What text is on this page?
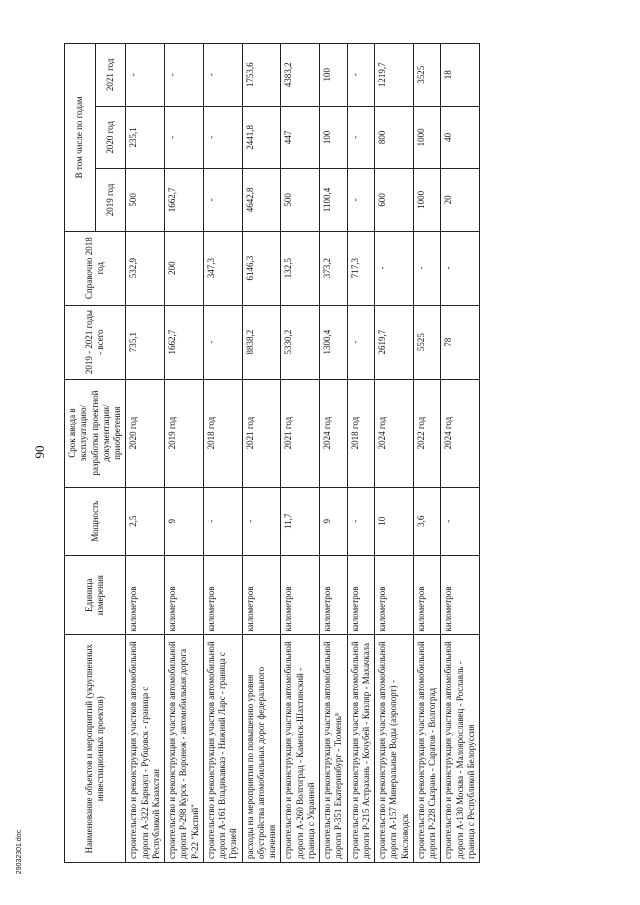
90
Наименование объектов и мероприятий (укрупненных инвестиционных проектов)	Единица измерения	Мощность	Срок ввода в эксплуатацию/ разработки проектной документации/ приобретения	2019 - 2021 годы - всего	Справочно 2018 год	В том числе по годам		
						2019 год	2020 год	2021 год
строительство и реконструкция участков автомобильной дороги А-322 Барнаул - Рубцовск - граница с Республикой Казахстан	километров	2,5	2020 год	735,1	532,9	500	235,1	-
строительство и реконструкция участков автомобильной дороги Р-298 Курск - Воронеж - автомобильная дорога Р-22 "Каспий"	километров	9	2019 год	1662,7	200	1662,7	-	-
строительство и реконструкция участков автомобильной дороги А-161 Владикавказ - Нижний Ларс - граница с Грузией	километров	-	2018 год	-	347,3	-	-	-
расходы на мероприятия по повышению уровня обустройства автомобильных дорог федерального значения	километров	-	2021 год	8838,2	6146,3	4642,8	2441,8	1753,6
строительство и реконструкция участков автомобильной дороги А-260 Волгоград - Каменск-Шахтинский - граница с Украиной	километров	11,7	2021 год	5330,2	132,5	500	447	4383,2
строительство и реконструкция участков автомобильной дороги Р-351 Екатеринбург - Тюмень⁸	километров	9	2024 год	1300,4	373,2	1100,4	100	100
строительство и реконструкция участков автомобильной дороги Р-215 Астрахань - Кочубей - Кизляр - Махачкала	километров	-	2018 год	-	717,3	-	-	-
строительство и реконструкция участков автомобильной дороги А-157 Минеральные Воды (аэропорт) - Кисловодск	километров	10	2024 год	2619,7	-	600	800	1219,7
строительство и реконструкция участков автомобильной дороги Р-228 Сызрань - Саратов - Волгоград	километров	3,6	2022 год	5525	-	1000	1000	3525
строительство и реконструкция участков автомобильной дороги А-130 Москва - Малоярославец - Рославль - граница с Республикой Белоруссия	километров	-	2024 год	78	-	20	40	18
29032301.doc
